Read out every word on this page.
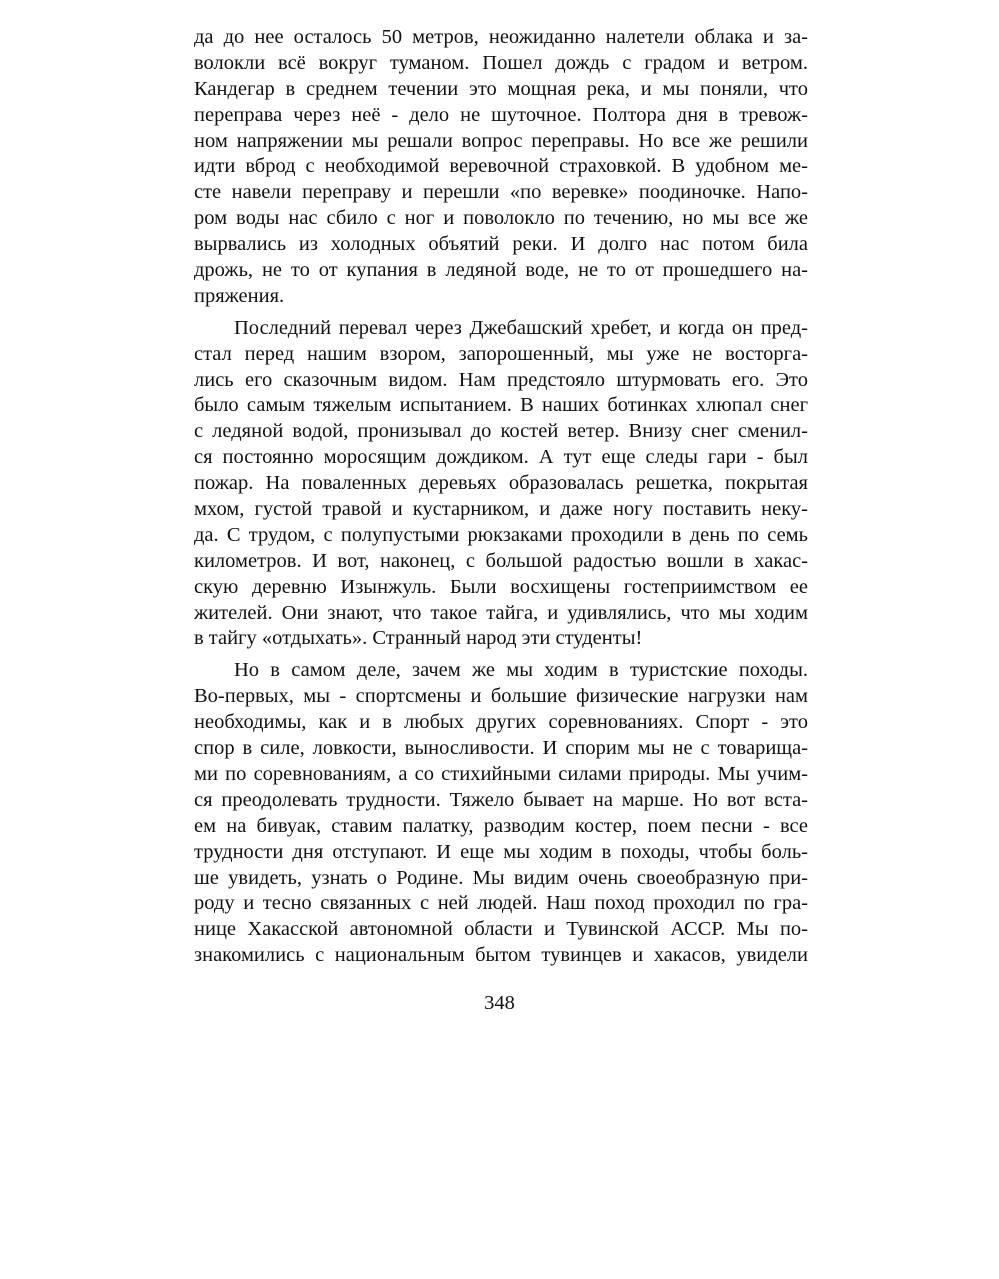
да до нее осталось 50 метров, неожиданно налетели облака и за-
волокли всё вокруг туманом. Пошел дождь с градом и ветром.
Кандегар в среднем течении это мощная река, и мы поняли, что
переправа через неё - дело не шуточное. Полтора дня в тревож-
ном напряжении мы решали вопрос переправы. Но все же решили
идти вброд с необходимой веревочной страховкой. В удобном ме-
сте навели переправу и перешли «по веревке» поодиночке. Напо-
ром воды нас сбило с ног и поволокло по течению, но мы все же
вырвались из холодных объятий реки. И долго нас потом била
дрожь, не то от купания в ледяной воде, не то от прошедшего на-
пряжения.
Последний перевал через Джебашский хребет, и когда он пред-
стал перед нашим взором, запорошенный, мы уже не восторга-
лись его сказочным видом. Нам предстояло штурмовать его. Это
было самым тяжелым испытанием. В наших ботинках хлюпал снег
с ледяной водой, пронизывал до костей ветер. Внизу снег сменил-
ся постоянно моросящим дождиком. А тут еще следы гари - был
пожар. На поваленных деревьях образовалась решетка, покрытая
мхом, густой травой и кустарником, и даже ногу поставить неку-
да. С трудом, с полупустыми рюкзаками проходили в день по семь
километров. И вот, наконец, с большой радостью вошли в хакас-
скую деревню Изынжуль. Были восхищены гостеприимством ее
жителей. Они знают, что такое тайга, и удивлялись, что мы ходим
в тайгу «отдыхать». Странный народ эти студенты!
Но в самом деле, зачем же мы ходим в туристские походы.
Во-первых, мы - спортсмены и большие физические нагрузки нам
необходимы, как и в любых других соревнованиях. Спорт - это
спор в силе, ловкости, выносливости. И спорим мы не с товарища-
ми по соревнованиям, а со стихийными силами природы. Мы учим-
ся преодолевать трудности. Тяжело бывает на марше. Но вот вста-
ем на бивуак, ставим палатку, разводим костер, поем песни - все
трудности дня отступают. И еще мы ходим в походы, чтобы боль-
ше увидеть, узнать о Родине. Мы видим очень своеобразную при-
роду и тесно связанных с ней людей. Наш поход проходил по гра-
нице Хакасской автономной области и Тувинской АССР. Мы по-
знакомились с национальным бытом тувинцев и хакасов, увидели
348
